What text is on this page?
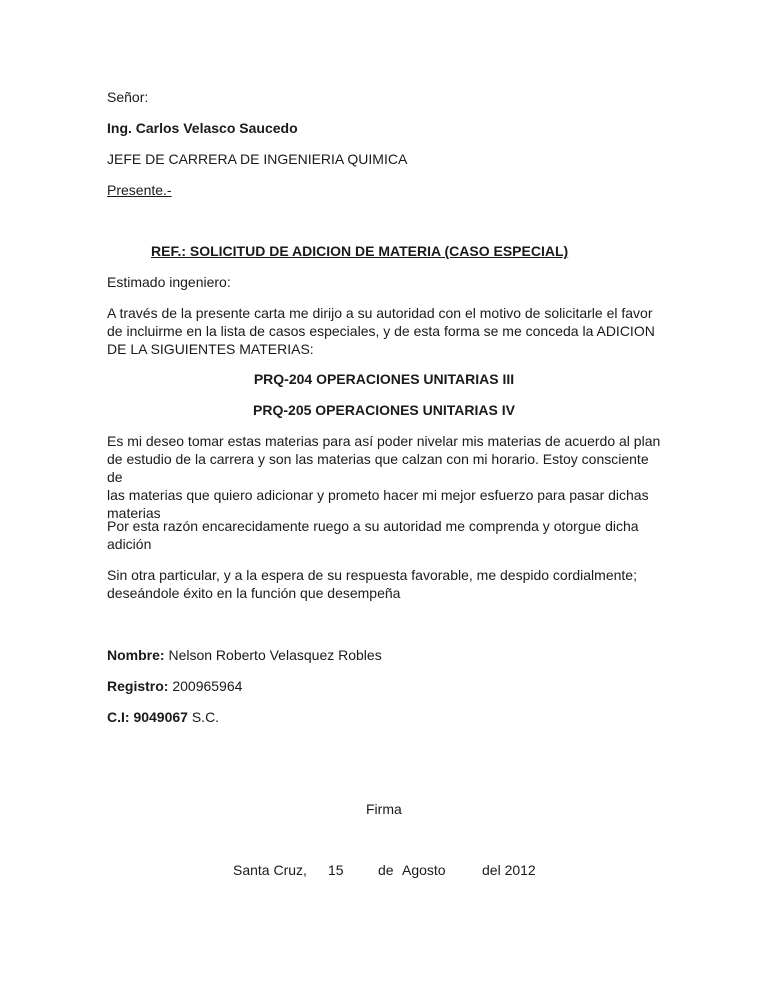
Señor:
Ing. Carlos Velasco Saucedo
JEFE DE CARRERA DE INGENIERIA QUIMICA
Presente.-
REF.: SOLICITUD DE ADICION DE MATERIA (CASO ESPECIAL)
Estimado ingeniero:
A través de la presente carta me dirijo a su autoridad con el motivo de solicitarle el favor
de incluirme en la lista de casos especiales, y de esta forma se me conceda la ADICION
DE LA SIGUIENTES MATERIAS:
PRQ-204 OPERACIONES UNITARIAS III
PRQ-205 OPERACIONES UNITARIAS IV
Es mi deseo tomar estas materias para así poder nivelar mis materias de acuerdo al plan
de estudio de la carrera y son las materias que calzan con mi horario. Estoy consciente de
las materias que quiero adicionar y prometo hacer mi mejor esfuerzo para pasar dichas
materias
Por esta razón encarecidamente ruego a su autoridad me comprenda y otorgue dicha
adición
Sin otra particular, y a la espera de su respuesta favorable, me despido cordialmente;
deseándole éxito en la función que desempeña
Nombre: Nelson Roberto Velasquez Robles
Registro: 200965964
C.I: 9049067 S.C.
Firma
Santa Cruz, 15 de Agosto	del 2012
